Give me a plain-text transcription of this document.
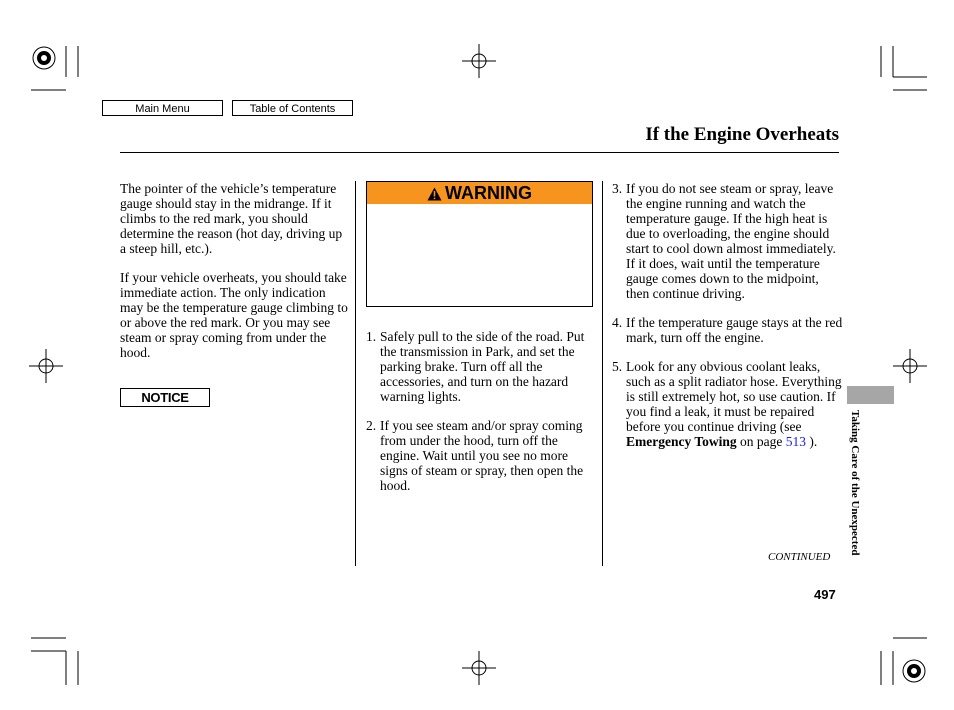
Main Menu	Table of Contents
If the Engine Overheats

The pointer of the vehicle’s temperature gauge should stay in the midrange. If it climbs to the red mark, you should determine the reason (hot day, driving up a steep hill, etc.).

If your vehicle overheats, you should take immediate action. The only indication may be the temperature gauge climbing to or above the red mark. Or you may see steam or spray coming from under the hood.

NOTICE
WARNING
1. Safely pull to the side of the road. Put the transmission in Park, and set the parking brake. Turn off all the accessories, and turn on the hazard warning lights.
2. If you see steam and/or spray coming from under the hood, turn off the engine. Wait until you see no more signs of steam or spray, then open the hood.
3. If you do not see steam or spray, leave the engine running and watch the temperature gauge. If the high heat is due to overloading, the engine should start to cool down almost immediately. If it does, wait until the temperature gauge comes down to the midpoint, then continue driving.
4. If the temperature gauge stays at the red mark, turn off the engine.
5. Look for any obvious coolant leaks, such as a split radiator hose. Everything is still extremely hot, so use caution. If you find a leak, it must be repaired before you continue driving (see Emergency Towing on page 513 ).	Taking Care of the Unexpected
CONTINUED
497
